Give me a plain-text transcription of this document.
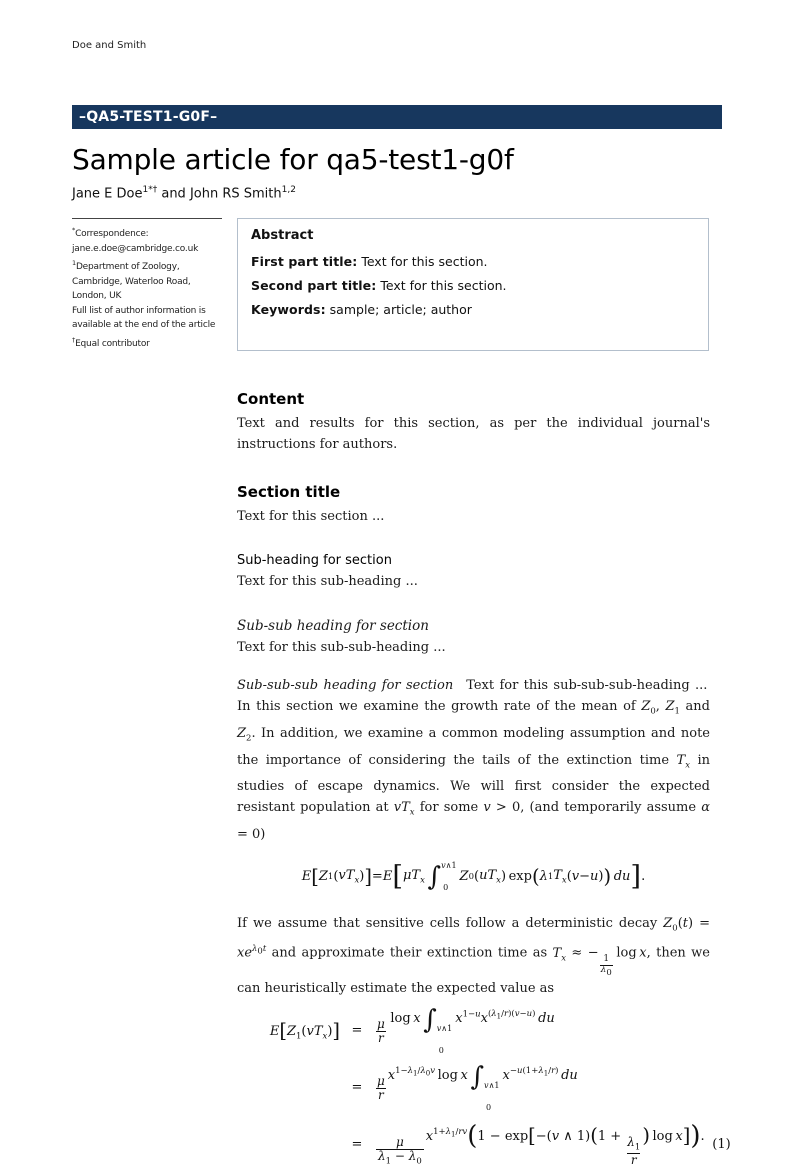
Doe and Smith
–QA5-TEST1-G0F–
Sample article for qa5-test1-g0f
Jane E Doe$^{1*\dagger}$ and John RS Smith$^{1,2}$
*Correspondence:
jane.e.doe@cambridge.co.uk
$^1$Department of Zoology,
Cambridge, Waterloo Road,
London, UK
Full list of author information is
available at the end of the article
†Equal contributor
Abstract
First part title: Text for this section.
Second part title: Text for this section.
Keywords: sample; article; author
Content

Text and results for this section, as per the individual journal's instructions for authors.

Section title

Text for this section ...

Sub-heading for section

Text for this sub-heading ...

Sub-sub heading for section

Text for this sub-sub-heading ...

Sub-sub-sub heading for section Text for this sub-sub-sub-heading ... In this section we examine the growth rate of the mean of $Z_0$, $Z_1$ and $Z_2$. In addition, we examine a common modeling assumption and note the importance of considering the tails of the extinction time $T_x$ in studies of escape dynamics. We will first consider the expected resistant population at $vT_x$ for some v > 0, (and temporarily assume α = 0)

E [ Z 1 ( $vT_x$ ) ] = E [ $\mu T_x$
  ∫ v∧1
0
Z 0 ( $uT_x$ ) exp ( λ 1 $T_x$ ( v − u ) )
  du ] .

If we assume that sensitive cells follow a deterministic decay $Z_0(t) = xe^{\lambda_0t}$ and approximate their extinction time as $T_x$ ≈ −
$\frac{1}{\lambda_0}$
 log x, then we can heuristically estimate the expected value as

$E[Z_1(vT_x)]$ =	$\frac{\mu}{r}$  log x  ∫ v∧1
0
$x^{1-u}x^{(\lambda_1/r)(v-u)}$  du
=	$\frac{\mu}{r} x^{1-\lambda_1/\lambda_0v}$ log x  ∫ v∧1
0
$x^{-u(1+\lambda_1/r)}$  du
=	$\frac{\mu}{\lambda_1 - \lambda_0} x^{1+\lambda_1/rv}(1 - \exp[-(v$ ∧ $1)(1 + \frac{\lambda_1}{r}$
) log x]).
(1)
